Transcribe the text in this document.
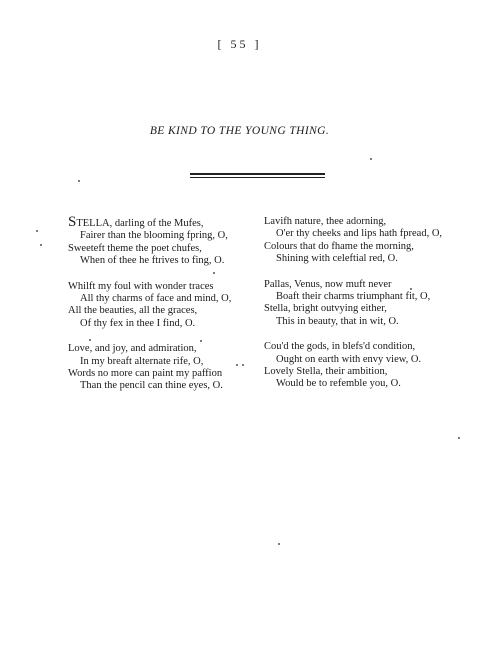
[ 55 ]
BE KIND TO THE YOUNG THING.
STELLA, darling of the Mufes,
Fairer than the blooming fpring, O,
Sweeteft theme the poet chufes,
When of thee he ftrives to fing, O.
Whilft my foul with wonder traces
All thy charms of face and mind, O,
All the beauties, all the graces,
Of thy fex in thee I find, O.
Love, and joy, and admiration,
In my breaft alternate rife, O,
Words no more can paint my paffion
Than the pencil can thine eyes, O.
Lavifh nature, thee adorning,
O'er thy cheeks and lips hath fpread, O,
Colours that do fhame the morning,
Shining with celeftial red, O.
Pallas, Venus, now muft never
Boaft their charms triumphant fit, O,
Stella, bright outvying either,
This in beauty, that in wit, O.
Cou'd the gods, in blefs'd condition,
Ought on earth with envy view, O.
Lovely Stella, their ambition,
Would be to refemble you, O.
